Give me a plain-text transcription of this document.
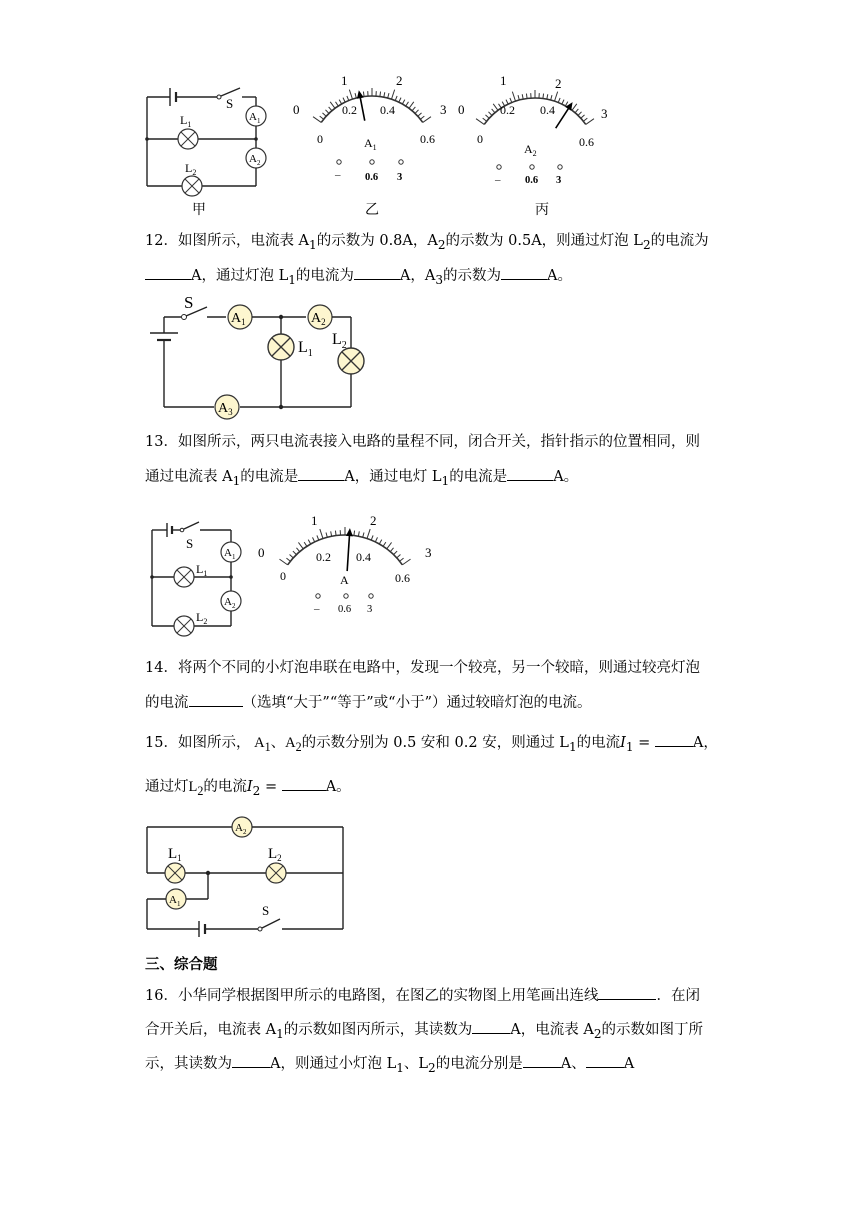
S
$L_1$
$L_2$
$A_1$
$A_2$
甲	乙	丙
0
1	2
3
0
0.2 0.4
0.6
$A_1$
– 0.6 3
0
1	2
3
0
0.2 0.4
0.6
$A_2$
– 0.6 3
12．如图所示，电流表 $A_1$的示数为 0.8A，$A_2$的示数为 0.5A，则通过灯泡 $L_2$的电流为
A，通过灯泡 $L_1$的电流为	A，$A_3$的示数为	A。
S
$A_1$	$A_2$
$A_3$
$L_1$
$L_2$
13．如图所示，两只电流表接入电路的量程不同，闭合开关，指针指示的位置相同，则
通过电流表 $A_1$的电流是	A，通过电灯 $L_1$的电流是	A。
S
$L_1$
$L_2$
$A_1$
$A_2$
0
1	2
3
0
0.2 0.4
0.6
A
– 0.6 3
14．将两个不同的小灯泡串联在电路中，发现一个较亮，另一个较暗，则通过较亮灯泡
的电流	（选填“大于”“等于”或“小于”）通过较暗灯泡的电流。
15．如图所示， $A_1$、$A_2$的示数分别为 0.5 安和 0.2 安，则通过 $L_1$的电流$I_1$ =	A，
通过灯$L_2$的电流$I_2$ =	A。
$A_2$
$A_1$
$L_1$	$L_2$
S
三、综合题
16．小华同学根据图甲所示的电路图，在图乙的实物图上用笔画出连线	．在闭
合开关后，电流表 $A_1$的示数如图丙所示，其读数为	A，电流表 $A_2$的示数如图丁所
示，其读数为	A，则通过小灯泡 $L_1$、$L_2$的电流分别是	A、	A
